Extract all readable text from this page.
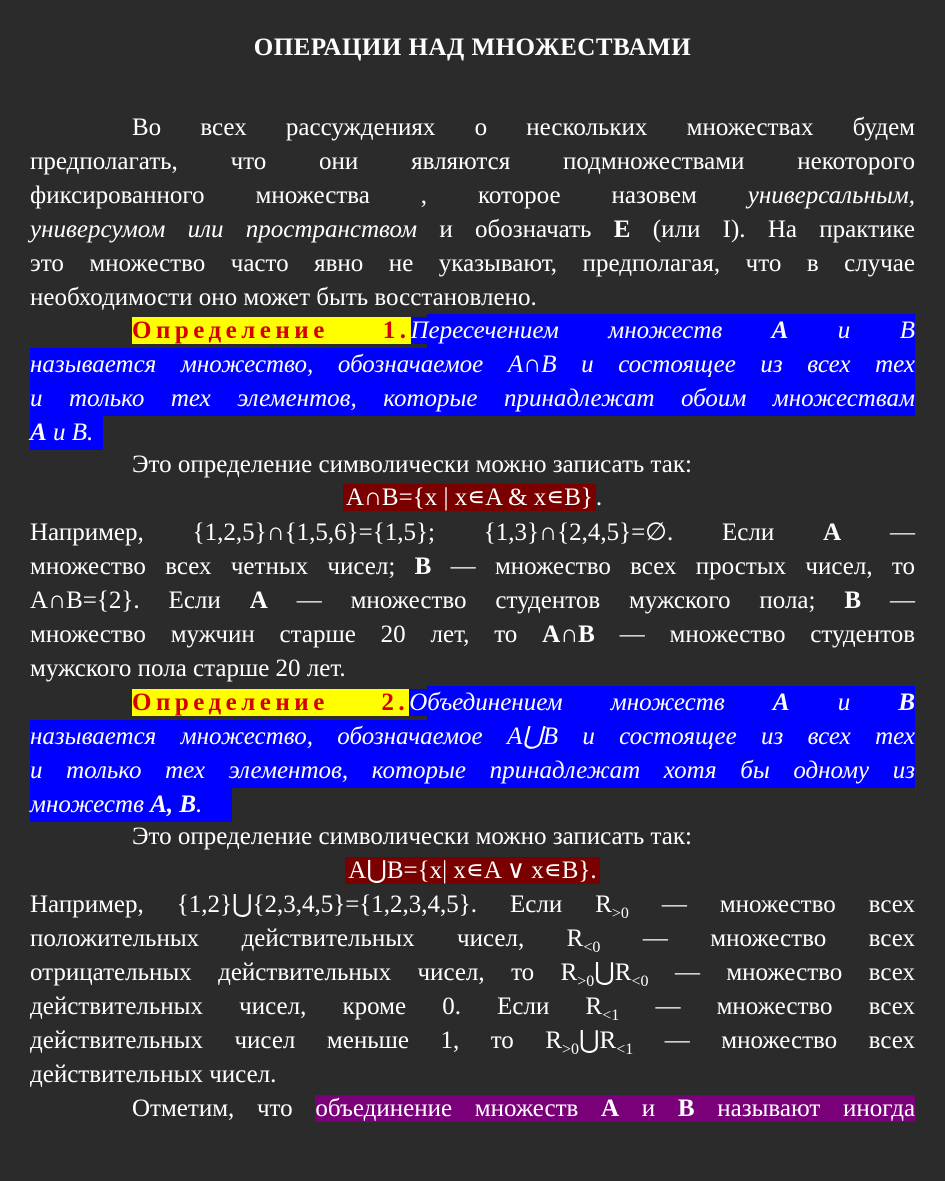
ОПЕРАЦИИ НАД МНОЖЕСТВАМИ
Во всех рассуждениях о нескольких множествах будем
предполагать, что они являются подмножествами некоторого
фиксированного множества , которое назовем универсальным,
универсумом или пространством и обозначать E (или I). На практике
это множество часто явно не указывают, предполагая, что в случае
необходимости оно может быть восстановлено.
Определение 1.Пересечением множеств A и B
называется множество, обозначаемое A∩B и состоящее из всех тех
и только тех элементов, которые принадлежат обоим множествам
A и B.
Это определение символически можно записать так:
A∩B={x | x∊A & x∊B} .
Например, {1,2,5}∩{1,5,6}={1,5}; {1,3}∩{2,4,5}=∅. Если A —
множество всех четных чисел; B — множество всех простых чисел, то
A∩B={2}. Если A — множество студентов мужского пола; B —
множество мужчин старше 20 лет, то A∩B — множество студентов
мужского пола старше 20 лет.
Определение 2.Объединением множеств A и B
называется множество, обозначаемое A⋃B и состоящее из всех тех
и только тех элементов, которые принадлежат хотя бы одному из
множеств A, B.
Это определение символически можно записать так:
A⋃B={x| x∊A ∨ x∊B}.
Например, {1,2}⋃{2,3,4,5}={1,2,3,4,5}. Если $R_{>0}$ — множество всех
положительных действительных чисел, $R_{<0}$ — множество всех
отрицательных действительных чисел, то $R_{>0}⋃R_{<0}$ — множество всех
действительных чисел, кроме 0. Если $R_{<1}$ — множество всех
действительных чисел меньше 1, то $R_{>0}⋃R_{<1}$ — множество всех
действительных чисел.
Отметим, что объединение множеств A и B называют иногда
